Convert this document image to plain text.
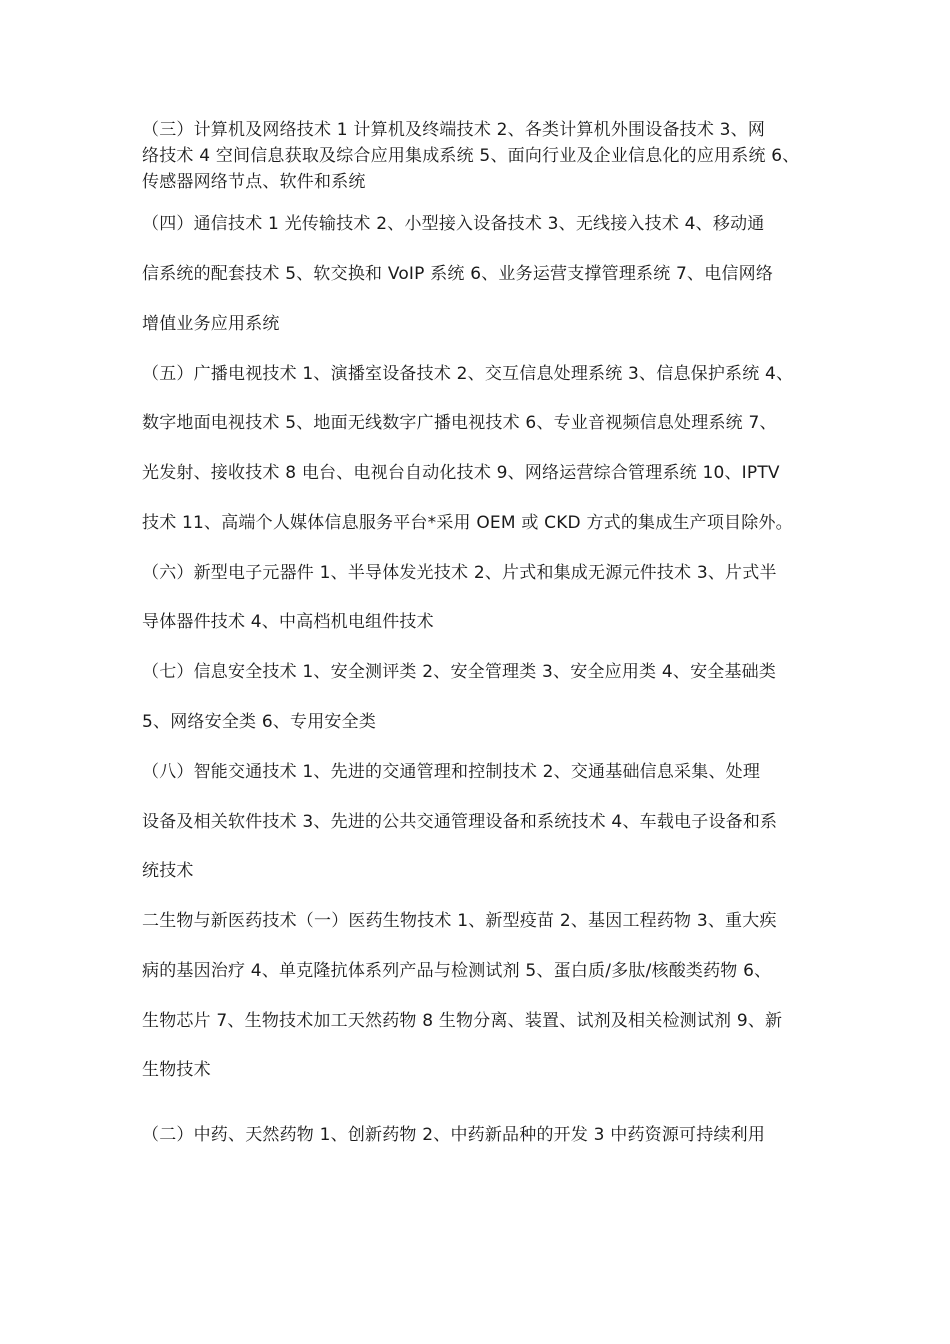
（三）计算机及网络技术 1 计算机及终端技术 2、各类计算机外围设备技术 3、网
络技术 4 空间信息获取及综合应用集成系统 5、面向行业及企业信息化的应用系统 6、
传感器网络节点、软件和系统
（四）通信技术 1 光传输技术 2、小型接入设备技术 3、无线接入技术 4、移动通
信系统的配套技术 5、软交换和 VoIP 系统 6、业务运营支撑管理系统 7、电信网络
增值业务应用系统
（五）广播电视技术 1、演播室设备技术 2、交互信息处理系统 3、信息保护系统 4、
数字地面电视技术 5、地面无线数字广播电视技术 6、专业音视频信息处理系统 7、
光发射、接收技术 8 电台、电视台自动化技术 9、网络运营综合管理系统 10、IPTV
技术 11、高端个人媒体信息服务平台*采用 OEM 或 CKD 方式的集成生产项目除外。
（六）新型电子元器件 1、半导体发光技术 2、片式和集成无源元件技术 3、片式半
导体器件技术 4、中高档机电组件技术
（七）信息安全技术 1、安全测评类 2、安全管理类 3、安全应用类 4、安全基础类
5、网络安全类 6、专用安全类
（八）智能交通技术 1、先进的交通管理和控制技术 2、交通基础信息采集、处理
设备及相关软件技术 3、先进的公共交通管理设备和系统技术 4、车载电子设备和系
统技术
二生物与新医药技术（一）医药生物技术 1、新型疫苗 2、基因工程药物 3、重大疾
病的基因治疗 4、单克隆抗体系列产品与检测试剂 5、蛋白质/多肽/核酸类药物 6、
生物芯片 7、生物技术加工天然药物 8 生物分离、装置、试剂及相关检测试剂 9、新
生物技术
（二）中药、天然药物 1、创新药物 2、中药新品种的开发 3 中药资源可持续利用
